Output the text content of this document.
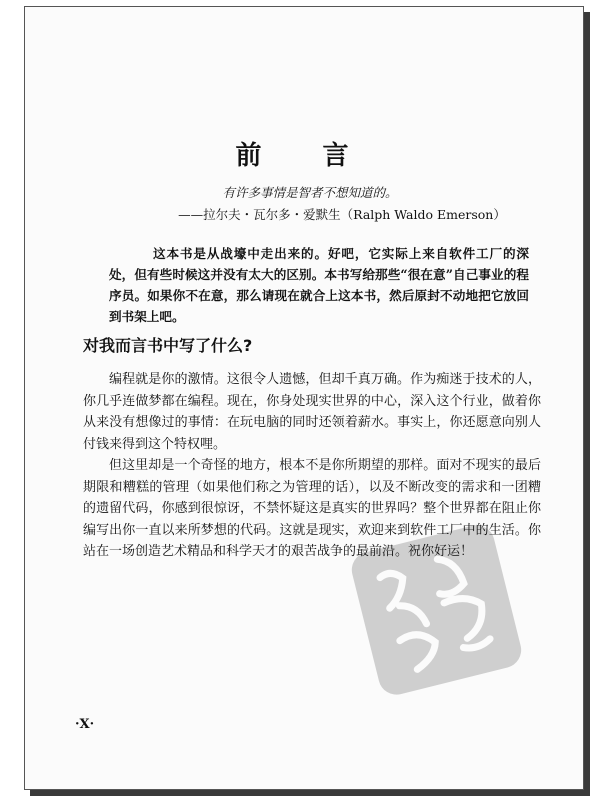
前 言
有许多事情是智者不想知道的。
——拉尔夫・瓦尔多・爱默生（Ralph Waldo Emerson）

这本书是从战壕中走出来的。好吧，它实际上来自软件工厂的深处，但有些时候这并没有太大的区别。本书写给那些“很在意”自己事业的程序员。如果你不在意，那么请现在就合上这本书，然后原封不动地把它放回到书架上吧。

对我而言书中写了什么?

编程就是你的激情。这很令人遗憾，但却千真万确。作为痴迷于技术的人，你几乎连做梦都在编程。现在，你身处现实世界的中心，深入这个行业，做着你从来没有想像过的事情：在玩电脑的同时还领着薪水。事实上，你还愿意向别人付钱来得到这个特权哩。

但这里却是一个奇怪的地方，根本不是你所期望的那样。面对不现实的最后期限和糟糕的管理（如果他们称之为管理的话），以及不断改变的需求和一团糟的遗留代码，你感到很惊讶，不禁怀疑这是真实的世界吗？整个世界都在阻止你编写出你一直以来所梦想的代码。这就是现实，欢迎来到软件工厂中的生活。你站在一场创造艺术精品和科学天才的艰苦战争的最前沿。祝你好运！

·X·
